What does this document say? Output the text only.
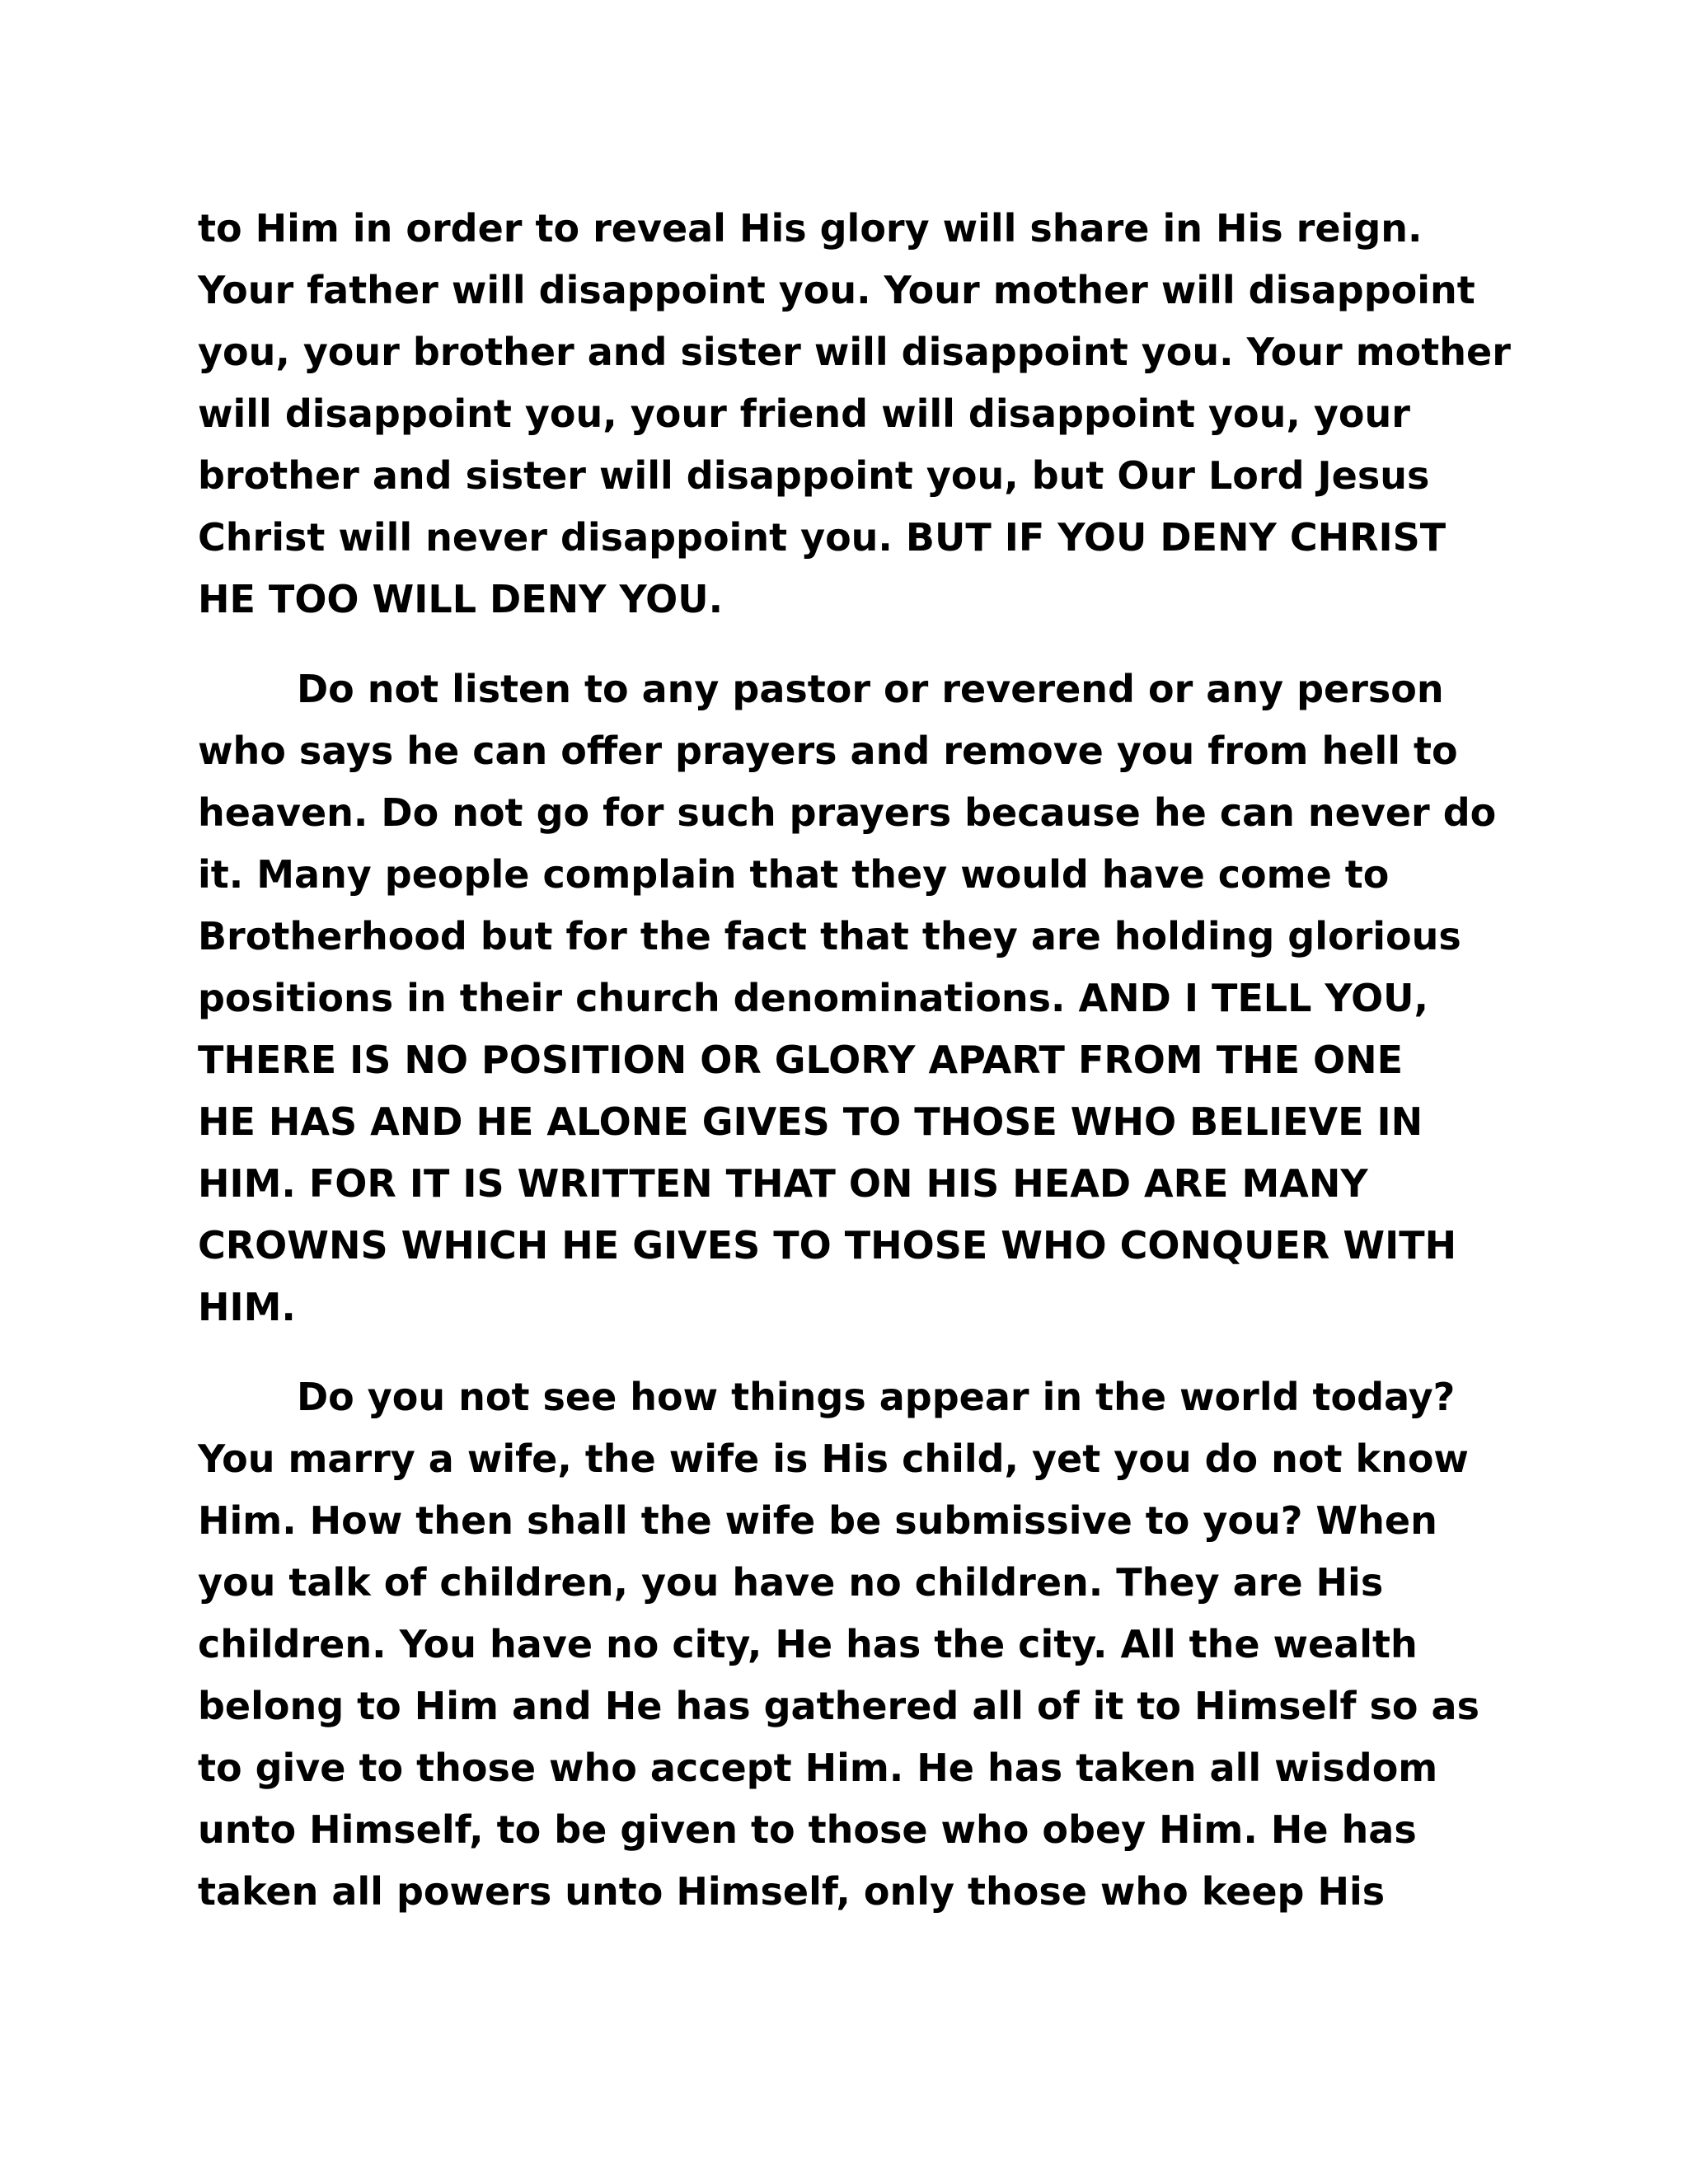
to Him in order to reveal His glory will share in His reign.
Your father will disappoint you. Your mother will disappoint
you, your brother and sister will disappoint you. Your mother
will disappoint you, your friend will disappoint you, your
brother and sister will disappoint you, but Our Lord Jesus
Christ will never disappoint you. BUT IF YOU DENY CHRIST
HE TOO WILL DENY YOU.
Do not listen to any pastor or reverend or any person
who says he can offer prayers and remove you from hell to
heaven. Do not go for such prayers because he can never do
it. Many people complain that they would have come to
Brotherhood but for the fact that they are holding glorious
positions in their church denominations. AND I TELL YOU,
THERE IS NO POSITION OR GLORY APART FROM THE ONE
HE HAS AND HE ALONE GIVES TO THOSE WHO BELIEVE IN
HIM. FOR IT IS WRITTEN THAT ON HIS HEAD ARE MANY
CROWNS WHICH HE GIVES TO THOSE WHO CONQUER WITH
HIM.
Do you not see how things appear in the world today?
You marry a wife, the wife is His child, yet you do not know
Him. How then shall the wife be submissive to you? When
you talk of children, you have no children. They are His
children. You have no city, He has the city. All the wealth
belong to Him and He has gathered all of it to Himself so as
to give to those who accept Him. He has taken all wisdom
unto Himself, to be given to those who obey Him. He has
taken all powers unto Himself, only those who keep His
